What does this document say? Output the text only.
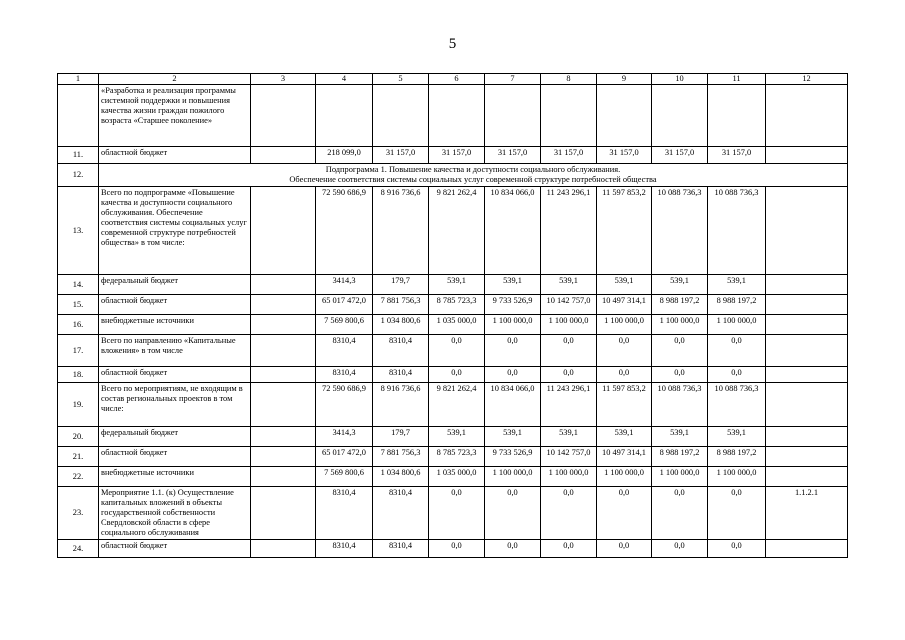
5
1	2	3	4	5	6	7	8	9	10	11	12
	«Разработка и реализация программы системной поддержки и повышения качества жизни граждан пожилого возраста «Старшее поколение»										
11.	областной бюджет		218 099,0	31 157,0	31 157,0	31 157,0	31 157,0	31 157,0	31 157,0	31 157,0	
12.	Подпрограмма 1. Повышение качества и доступности социального обслуживания.
Обеспечение соответствия системы социальных услуг современной структуре потребностей общества										

13.	Всего по подпрограмме «Повышение качества и доступности социального обслуживания. Обеспечение соответствия системы социальных услуг современной структуре потребностей общества» в том числе:		72 590 686,9	8 916 736,6	9 821 262,4	10 834 066,0	11 243 296,1	11 597 853,2	10 088 736,3	10 088 736,3	
14.	федеральный бюджет		3414,3	179,7	539,1	539,1	539,1	539,1	539,1	539,1	
15.	областной бюджет		65 017 472,0	7 881 756,3	8 785 723,3	9 733 526,9	10 142 757,0	10 497 314,1	8 988 197,2	8 988 197,2	
16.	внебюджетные источники		7 569 800,6	1 034 800,6	1 035 000,0	1 100 000,0	1 100 000,0	1 100 000,0	1 100 000,0	1 100 000,0	
17.	Всего по направлению «Капитальные вложения» в том числе		8310,4	8310,4	0,0	0,0	0,0	0,0	0,0	0,0	
18.	областной бюджет		8310,4	8310,4	0,0	0,0	0,0	0,0	0,0	0,0	
19.	Всего по мероприятиям, не входящим в состав региональных проектов в том числе:		72 590 686,9	8 916 736,6	9 821 262,4	10 834 066,0	11 243 296,1	11 597 853,2	10 088 736,3	10 088 736,3	
20.	федеральный бюджет		3414,3	179,7	539,1	539,1	539,1	539,1	539,1	539,1	
21.	областной бюджет		65 017 472,0	7 881 756,3	8 785 723,3	9 733 526,9	10 142 757,0	10 497 314,1	8 988 197,2	8 988 197,2	
22.	внебюджетные источники		7 569 800,6	1 034 800,6	1 035 000,0	1 100 000,0	1 100 000,0	1 100 000,0	1 100 000,0	1 100 000,0	
23.	Мероприятие 1.1. (к) Осуществление капитальных вложений в объекты государственной собственности Свердловской области в сфере социального обслуживания		8310,4	8310,4	0,0	0,0	0,0	0,0	0,0	0,0	1.1.2.1
24.	областной бюджет		8310,4	8310,4	0,0	0,0	0,0	0,0	0,0	0,0	
